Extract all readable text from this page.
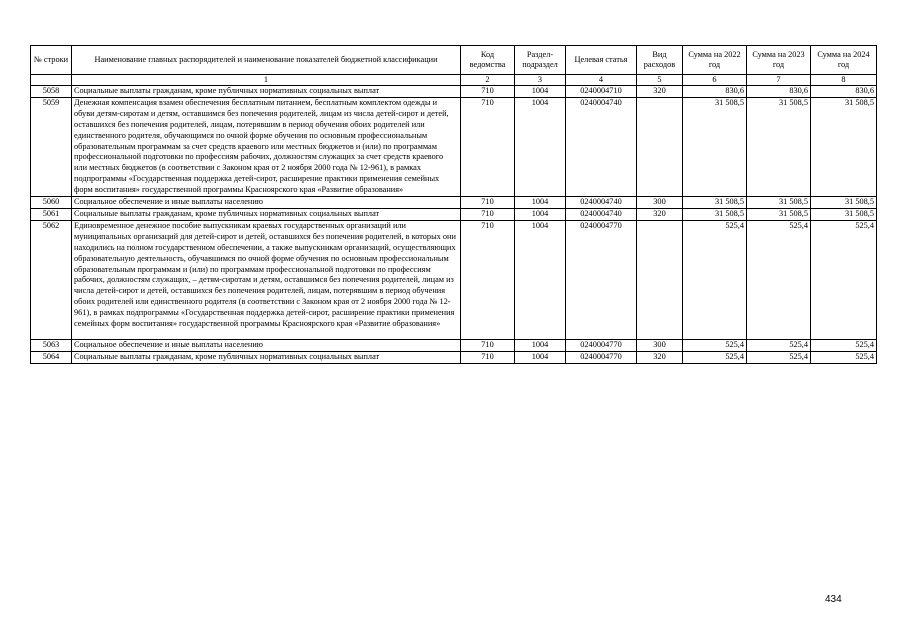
№ строки	Наименование главных распорядителей и наименование показателей бюджетной классификации	Код ведомства	Раздел-подраздел	Целевая статья	Вид расходов	Сумма на 2022 год	Сумма на 2023 год	Сумма на 2024 год
	1	2	3	4	5	6	7	8
5058	Социальные выплаты гражданам, кроме публичных нормативных социальных выплат	710	1004	0240004710	320	830,6	830,6	830,6
5059	Денежная компенсация взамен обеспечения бесплатным питанием, бесплатным комплектом одежды и обуви детям-сиротам и детям, оставшимся без попечения родителей, лицам из числа детей-сирот и детей, оставшихся без попечения родителей, лицам, потерявшим в период обучения обоих родителей или единственного родителя, обучающимся по очной форме обучения по основным профессиональным образовательным программам за счет средств краевого или местных бюджетов и (или) по программам профессиональной подготовки по профессиям рабочих, должностям служащих за счет средств краевого или местных бюджетов (в соответствии с Законом края от 2 ноября 2000 года № 12-961), в рамках подпрограммы «Государственная поддержка детей-сирот, расширение практики применения семейных форм воспитания» государственной программы Красноярского края «Развитие образования»	710	1004	0240004740		31 508,5	31 508,5	31 508,5
5060	Социальное обеспечение и иные выплаты населению	710	1004	0240004740	300	31 508,5	31 508,5	31 508,5
5061	Социальные выплаты гражданам, кроме публичных нормативных социальных выплат	710	1004	0240004740	320	31 508,5	31 508,5	31 508,5
5062	Единовременное денежное пособие выпускникам краевых государственных организаций или муниципальных организаций для детей-сирот и детей, оставшихся без попечения родителей, в которых они находились на полном государственном обеспечении, а также выпускникам организаций, осуществляющих образовательную деятельность, обучавшимся по очной форме обучения по основным профессиональным образовательным программам и (или) по программам профессиональной подготовки по профессиям рабочих, должностям служащих, – детям-сиротам и детям, оставшимся без попечения родителей, лицам из числа детей-сирот и детей, оставшихся без попечения родителей, лицам, потерявшим в период обучения обоих родителей или единственного родителя (в соответствии с Законом края от 2 ноября 2000 года № 12-961), в рамках подпрограммы «Государственная поддержка детей-сирот, расширение практики применения семейных форм воспитания» государственной программы Красноярского края «Развитие образования»	710	1004	0240004770		525,4	525,4	525,4
5063	Социальное обеспечение и иные выплаты населению	710	1004	0240004770	300	525,4	525,4	525,4
5064	Социальные выплаты гражданам, кроме публичных нормативных социальных выплат	710	1004	0240004770	320	525,4	525,4	525,4
434
